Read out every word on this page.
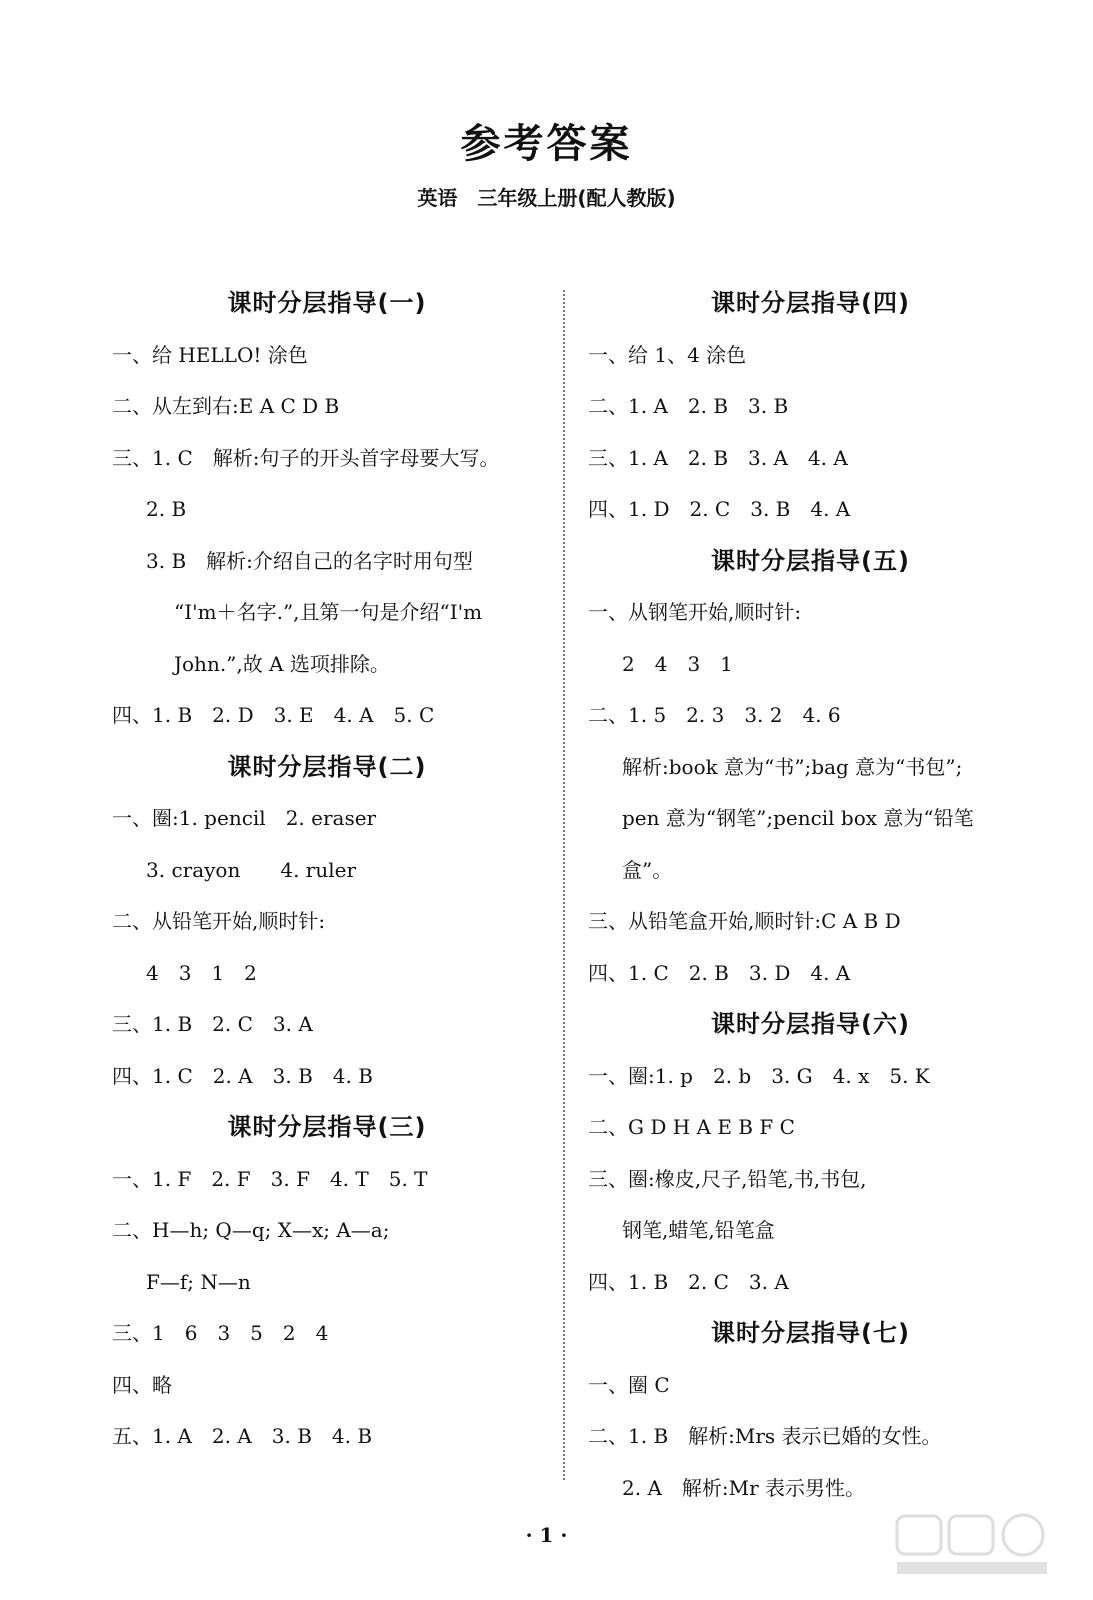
参考答案
英语　三年级上册(配人教版)
课时分层指导(一)
一、给 HELLO! 涂色
二、从左到右:E A C D B
三、1. C　解析:句子的开头首字母要大写。
2. B
3. B　解析:介绍自己的名字时用句型
“I'm＋名字.”,且第一句是介绍“I'm
John.”,故 A 选项排除。
四、1. B　2. D　3. E　4. A　5. C
课时分层指导(二)
一、圈:1. pencil　2. eraser
3. crayon　　4. ruler
二、从铅笔开始,顺时针:
4　3　1　2
三、1. B　2. C　3. A
四、1. C　2. A　3. B　4. B
课时分层指导(三)
一、1. F　2. F　3. F　4. T　5. T
二、H—h; Q—q; X—x; A—a;
F—f; N—n
三、1　6　3　5　2　4
四、略
五、1. A　2. A　3. B　4. B
课时分层指导(四)
一、给 1、4 涂色
二、1. A　2. B　3. B
三、1. A　2. B　3. A　4. A
四、1. D　2. C　3. B　4. A
课时分层指导(五)
一、从钢笔开始,顺时针:
2　4　3　1
二、1. 5　2. 3　3. 2　4. 6
解析:book 意为“书”;bag 意为“书包”;
pen 意为“钢笔”;pencil box 意为“铅笔
盒”。
三、从铅笔盒开始,顺时针:C A B D
四、1. C　2. B　3. D　4. A
课时分层指导(六)
一、圈:1. p　2. b　3. G　4. x　5. K
二、G D H A E B F C
三、圈:橡皮,尺子,铅笔,书,书包,
钢笔,蜡笔,铅笔盒
四、1. B　2. C　3. A
课时分层指导(七)
一、圈 C
二、1. B　解析:Mrs 表示已婚的女性。
2. A　解析:Mr 表示男性。
· 1 ·
